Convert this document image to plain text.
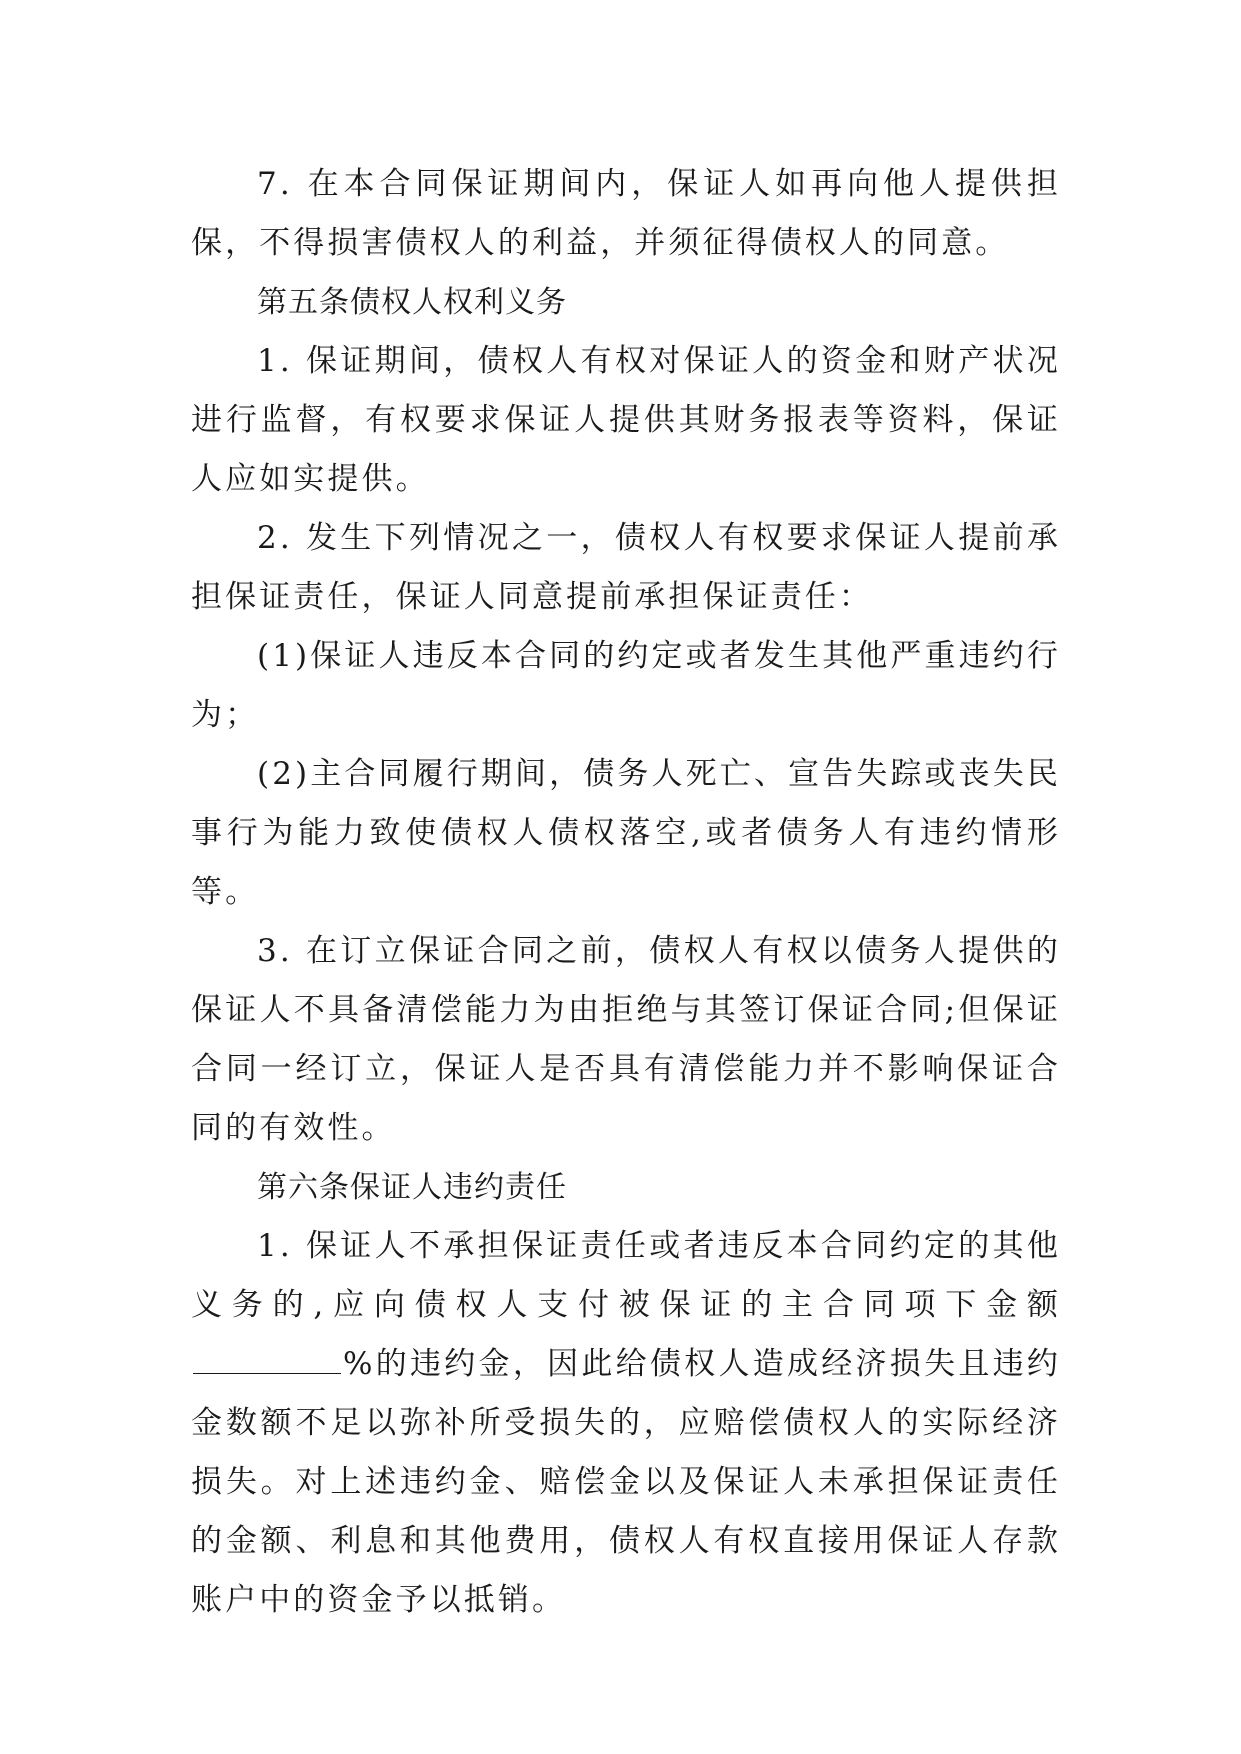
7. 在本合同保证期间内，保证人如再向他人提供担保，不得损害债权人的利益，并须征得债权人的同意。

第五条债权人权利义务

1. 保证期间，债权人有权对保证人的资金和财产状况进行监督，有权要求保证人提供其财务报表等资料，保证人应如实提供。

2. 发生下列情况之一，债权人有权要求保证人提前承担保证责任，保证人同意提前承担保证责任：

(1)保证人违反本合同的约定或者发生其他严重违约行为；

(2)主合同履行期间，债务人死亡、宣告失踪或丧失民事行为能力致使债权人债权落空,或者债务人有违约情形等。

3. 在订立保证合同之前，债权人有权以债务人提供的保证人不具备清偿能力为由拒绝与其签订保证合同;但保证合同一经订立，保证人是否具有清偿能力并不影响保证合同的有效性。

第六条保证人违约责任

1. 保证人不承担保证责任或者违反本合同约定的其他义务的,应向债权人支付被保证的主合同项下金额%的违约金，因此给债权人造成经济损失且违约金数额不足以弥补所受损失的，应赔偿债权人的实际经济损失。对上述违约金、赔偿金以及保证人未承担保证责任的金额、利息和其他费用，债权人有权直接用保证人存款账户中的资金予以抵销。
